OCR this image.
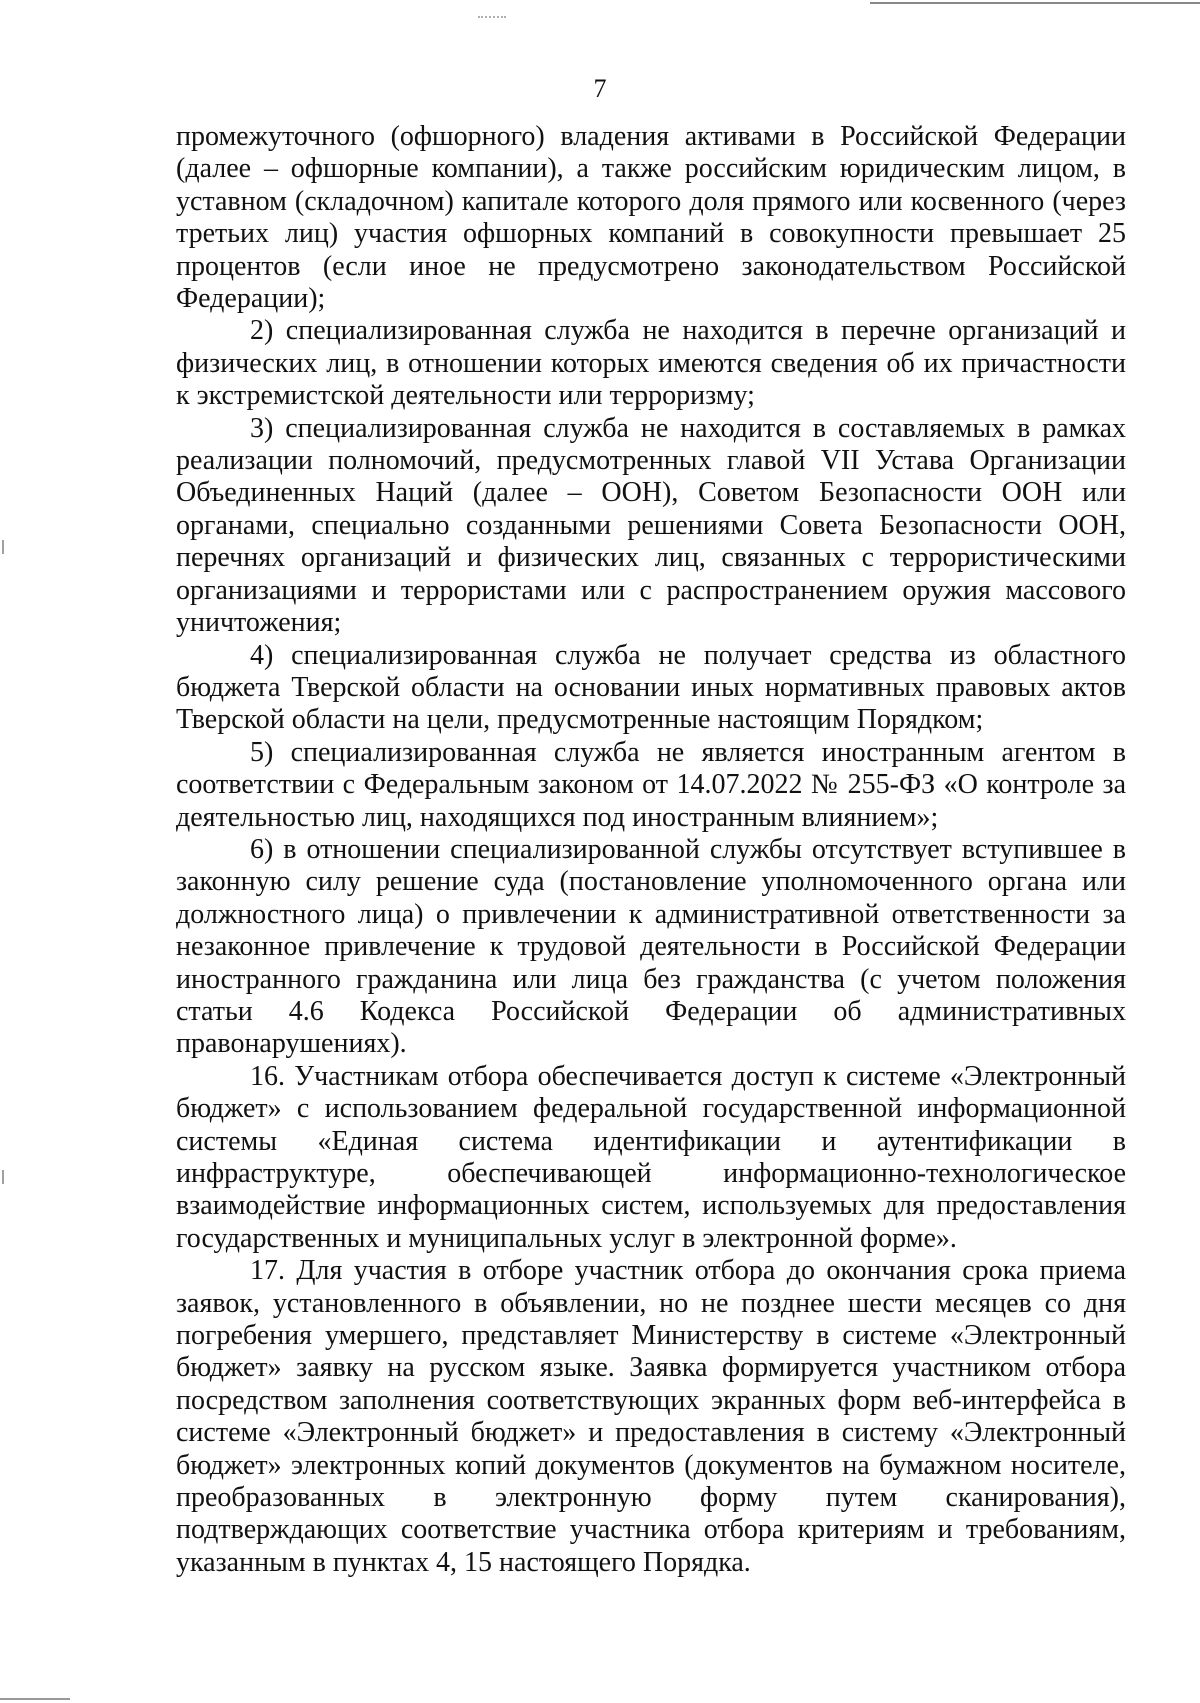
7

промежуточного (офшорного) владения активами в Российской Федерации (далее – офшорные компании), а также российским юридическим лицом, в уставном (складочном) капитале которого доля прямого или косвенного (через третьих лиц) участия офшорных компаний в совокупности превышает 25 процентов (если иное не предусмотрено законодательством Российской Федерации);

2) специализированная служба не находится в перечне организаций и физических лиц, в отношении которых имеются сведения об их причастности к экстремистской деятельности или терроризму;

3) специализированная служба не находится в составляемых в рамках реализации полномочий, предусмотренных главой VII Устава Организации Объединенных Наций (далее – ООН), Советом Безопасности ООН или органами, специально созданными решениями Совета Безопасности ООН, перечнях организаций и физических лиц, связанных с террористическими организациями и террористами или с распространением оружия массового уничтожения;

4) специализированная служба не получает средства из областного бюджета Тверской области на основании иных нормативных правовых актов Тверской области на цели, предусмотренные настоящим Порядком;

5) специализированная служба не является иностранным агентом в соответствии с Федеральным законом от 14.07.2022 № 255-ФЗ «О контроле за деятельностью лиц, находящихся под иностранным влиянием»;

6) в отношении специализированной службы отсутствует вступившее в законную силу решение суда (постановление уполномоченного органа или должностного лица) о привлечении к административной ответственности за незаконное привлечение к трудовой деятельности в Российской Федерации иностранного гражданина или лица без гражданства (с учетом положения статьи 4.6 Кодекса Российской Федерации об административных правонарушениях).

16. Участникам отбора обеспечивается доступ к системе «Электронный бюджет» с использованием федеральной государственной информационной системы «Единая система идентификации и аутентификации в инфраструктуре, обеспечивающей информационно-технологическое взаимодействие информационных систем, используемых для предоставления государственных и муниципальных услуг в электронной форме».

17. Для участия в отборе участник отбора до окончания срока приема заявок, установленного в объявлении, но не позднее шести месяцев со дня погребения умершего, представляет Министерству в системе «Электронный бюджет» заявку на русском языке. Заявка формируется участником отбора посредством заполнения соответствующих экранных форм веб-интерфейса в системе «Электронный бюджет» и предоставления в систему «Электронный бюджет» электронных копий документов (документов на бумажном носителе, преобразованных в электронную форму путем сканирования), подтверждающих соответствие участника отбора критериям и требованиям, указанным в пунктах 4, 15 настоящего Порядка.
